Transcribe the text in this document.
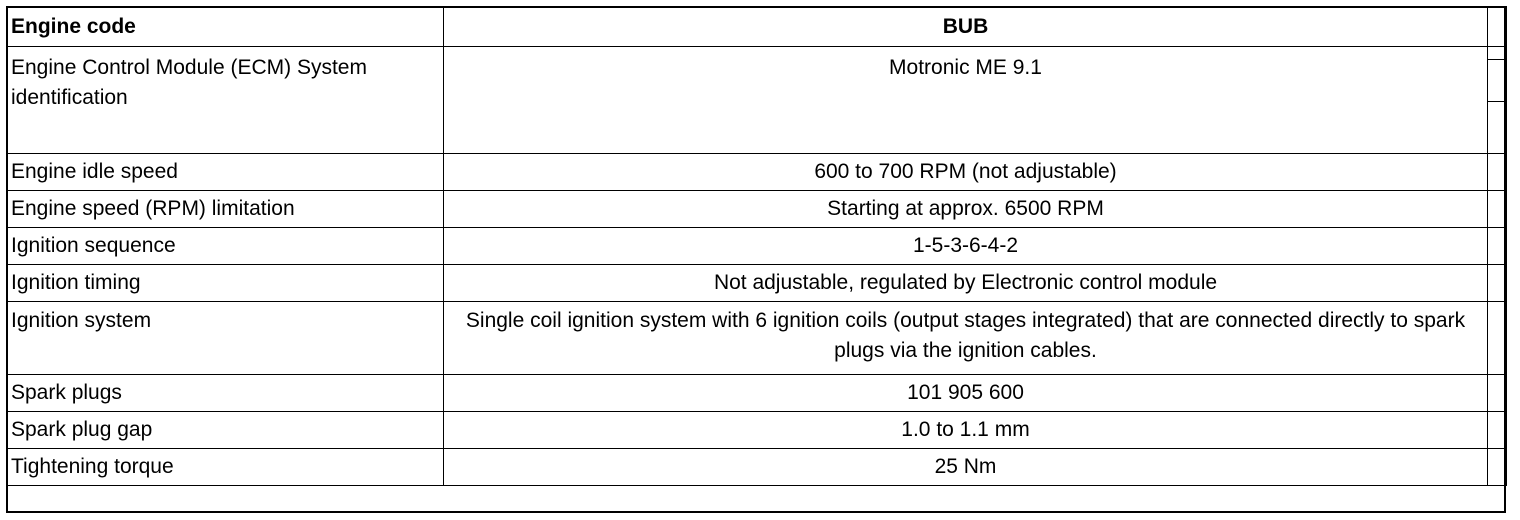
Engine code	BUB	
Engine Control Module (ECM) System identification	Motronic ME 9.1	

Engine idle speed	600 to 700 RPM (not adjustable)	
Engine speed (RPM) limitation	Starting at approx. 6500 RPM	
Ignition sequence	1-5-3-6-4-2	
Ignition timing	Not adjustable, regulated by Electronic control module	
Ignition system	Single coil ignition system with 6 ignition coils (output stages integrated) that are connected directly to spark plugs via the ignition cables.	
Spark plugs	101 905 600	
Spark plug gap	1.0 to 1.1 mm	
Tightening torque	25 Nm	
